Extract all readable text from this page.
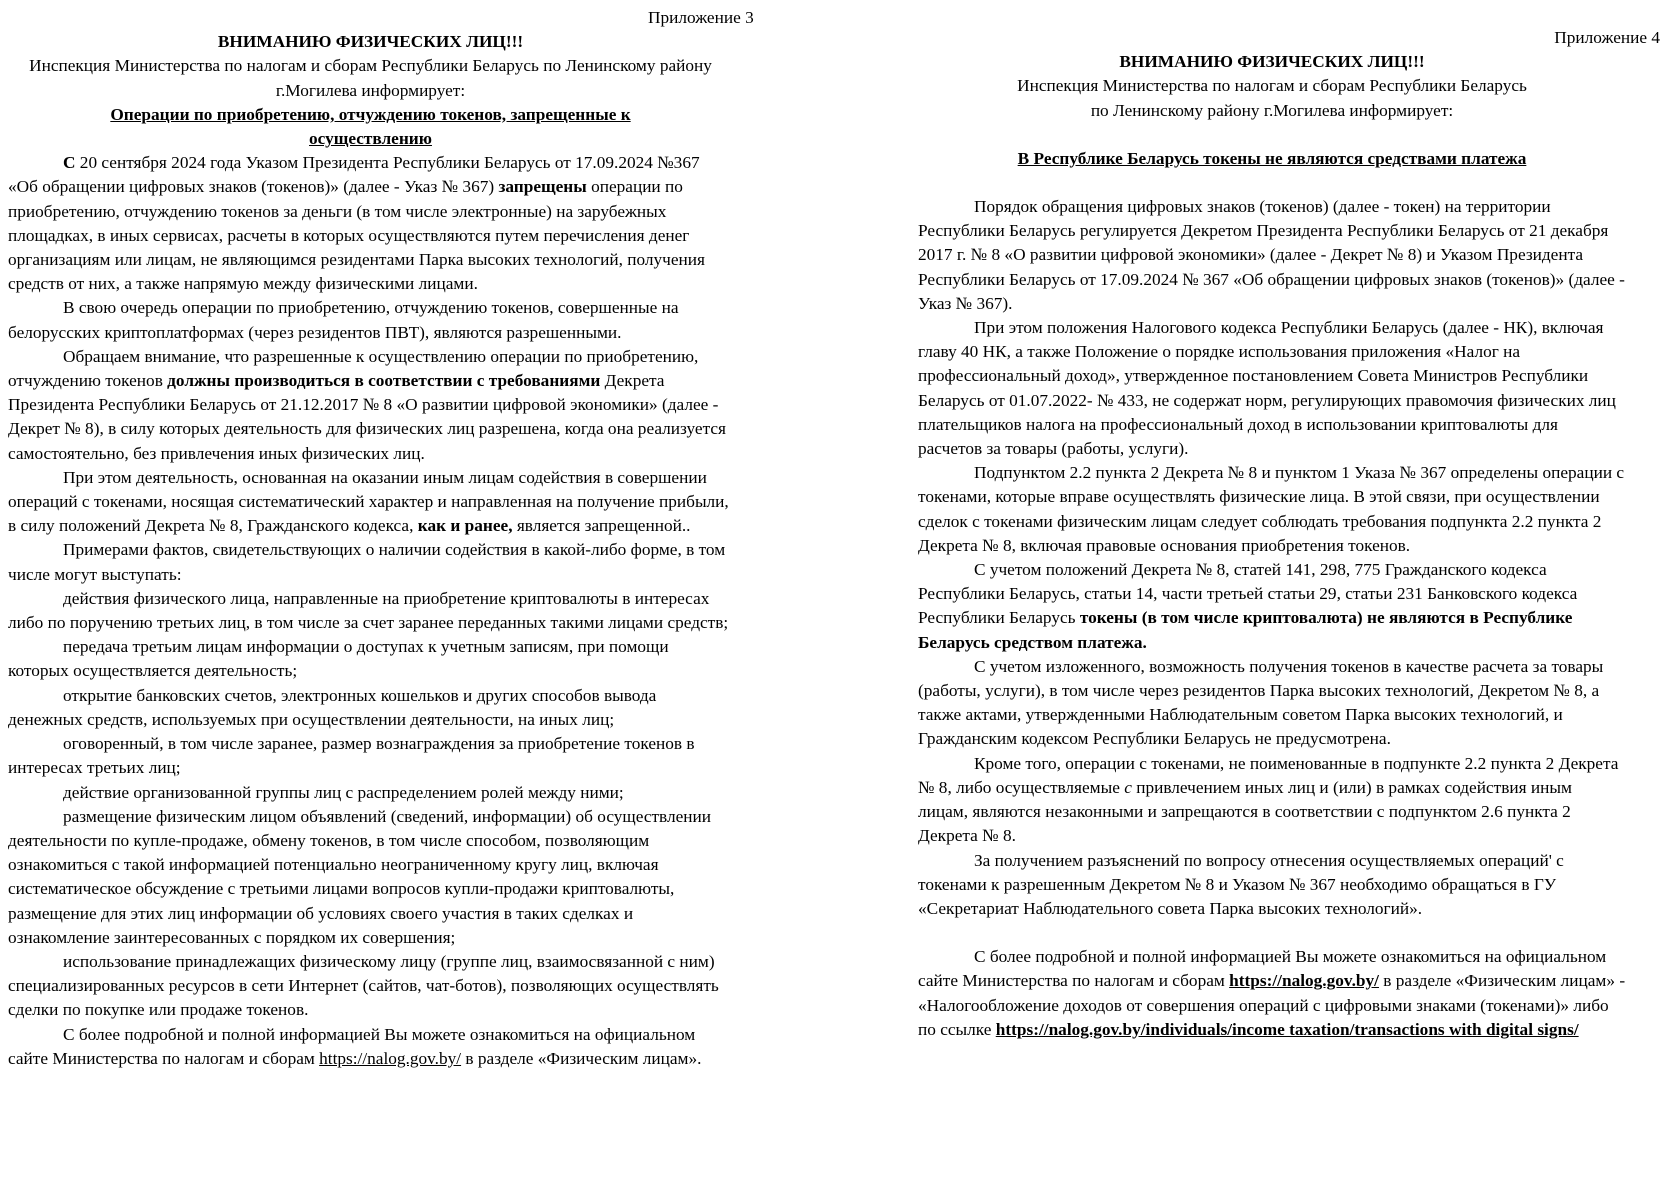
Приложение 3

ВНИМАНИЮ ФИЗИЧЕСКИХ ЛИЦ!!!

Инспекция Министерства по налогам и сборам Республики Беларусь по Ленинскому району г.Могилева информирует:

Операции по приобретению, отчуждению токенов, запрещенные к осуществлению

С 20 сентября 2024 года Указом Президента Республики Беларусь от 17.09.2024 №367 «Об обращении цифровых знаков (токенов)» (далее - Указ № 367) запрещены операции по приобретению, отчуждению токенов за деньги (в том числе электронные) на зарубежных площадках, в иных сервисах, расчеты в которых осуществляются путем перечисления денег организациям или лицам, не являющимся резидентами Парка высоких технологий, получения средств от них, а также напрямую между физическими лицами.

В свою очередь операции по приобретению, отчуждению токенов, совершенные на белорусских криптоплатформах (через резидентов ПВТ), являются разрешенными.

Обращаем внимание, что разрешенные к осуществлению операции по приобретению, отчуждению токенов должны производиться в соответствии с требованиями Декрета Президента Республики Беларусь от 21.12.2017 № 8 «О развитии цифровой экономики» (далее - Декрет № 8), в силу которых деятельность для физических лиц разрешена, когда она реализуется самостоятельно, без привлечения иных физических лиц.

При этом деятельность, основанная на оказании иным лицам содействия в совершении операций с токенами, носящая систематический характер и направленная на получение прибыли, в силу положений Декрета № 8, Гражданского кодекса, как и ранее, является запрещенной..

Примерами фактов, свидетельствующих о наличии содействия в какой-либо форме, в том числе могут выступать:

действия физического лица, направленные на приобретение криптовалюты в интересах либо по поручению третьих лиц, в том числе за счет заранее переданных такими лицами средств;

передача третьим лицам информации о доступах к учетным записям, при помощи которых осуществляется деятельность;

открытие банковских счетов, электронных кошельков и других способов вывода денежных средств, используемых при осуществлении деятельности, на иных лиц;

оговоренный, в том числе заранее, размер вознаграждения за приобретение токенов в интересах третьих лиц;

действие организованной группы лиц с распределением ролей между ними;

размещение физическим лицом объявлений (сведений, информации) об осуществлении деятельности по купле-продаже, обмену токенов, в том числе способом, позволяющим ознакомиться с такой информацией потенциально неограниченному кругу лиц, включая систематическое обсуждение с третьими лицами вопросов купли-продажи криптовалюты, размещение для этих лиц информации об условиях своего участия в таких сделках и ознакомление заинтересованных с порядком их совершения;

использование принадлежащих физическому лицу (группе лиц, взаимосвязанной с ним) специализированных ресурсов в сети Интернет (сайтов, чат-ботов), позволяющих осуществлять сделки по покупке или продаже токенов.

С более подробной и полной информацией Вы можете ознакомиться на официальном сайте Министерства по налогам и сборам https://nalog.gov.by/ в разделе «Физическим лицам».

Приложение 4

ВНИМАНИЮ ФИЗИЧЕСКИХ ЛИЦ!!!

Инспекция Министерства по налогам и сборам Республики Беларусь

по Ленинскому району г.Могилева информирует:

В Республике Беларусь токены не являются средствами платежа

Порядок обращения цифровых знаков (токенов) (далее - токен) на территории Республики Беларусь регулируется Декретом Президента Республики Беларусь от 21 декабря 2017 г. № 8 «О развитии цифровой экономики» (далее - Декрет № 8) и Указом Президента Республики Беларусь от 17.09.2024 № 367 «Об обращении цифровых знаков (токенов)» (далее - Указ № 367).

При этом положения Налогового кодекса Республики Беларусь (далее - НК), включая главу 40 НК, а также Положение о порядке использования приложения «Налог на профессиональный доход», утвержденное постановлением Совета Министров Республики Беларусь от 01.07.2022- № 433, не содержат норм, регулирующих правомочия физических лиц плательщиков налога на профессиональный доход в использовании криптовалюты для расчетов за товары (работы, услуги).

Подпунктом 2.2 пункта 2 Декрета № 8 и пунктом 1 Указа № 367 определены операции с токенами, которые вправе осуществлять физические лица. В этой связи, при осуществлении сделок с токенами физическим лицам следует соблюдать требования подпункта 2.2 пункта 2 Декрета № 8, включая правовые основания приобретения токенов.

С учетом положений Декрета № 8, статей 141, 298, 775 Гражданского кодекса Республики Беларусь, статьи 14, части третьей статьи 29, статьи 231 Банковского кодекса Республики Беларусь токены (в том числе криптовалюта) не являются в Республике Беларусь средством платежа.

С учетом изложенного, возможность получения токенов в качестве расчета за товары (работы, услуги), в том числе через резидентов Парка высоких технологий, Декретом № 8, а также актами, утвержденными Наблюдательным советом Парка высоких технологий, и Гражданским кодексом Республики Беларусь не предусмотрена.

Кроме того, операции с токенами, не поименованные в подпункте 2.2 пункта 2 Декрета № 8, либо осуществляемые с привлечением иных лиц и (или) в рамках содействия иным лицам, являются незаконными и запрещаются в соответствии с подпунктом 2.6 пункта 2 Декрета № 8.

За получением разъяснений по вопросу отнесения осуществляемых операций' с токенами к разрешенным Декретом № 8 и Указом № 367 необходимо обращаться в ГУ «Секретариат Наблюдательного совета Парка высоких технологий».

С более подробной и полной информацией Вы можете ознакомиться на официальном сайте Министерства по налогам и сборам https://nalog.gov.by/ в разделе «Физическим лицам» - «Налогообложение доходов от совершения операций с цифровыми знаками (токенами)» либо по ссылке https://nalog.gov.by/individuals/income taxation/transactions with digital signs/
